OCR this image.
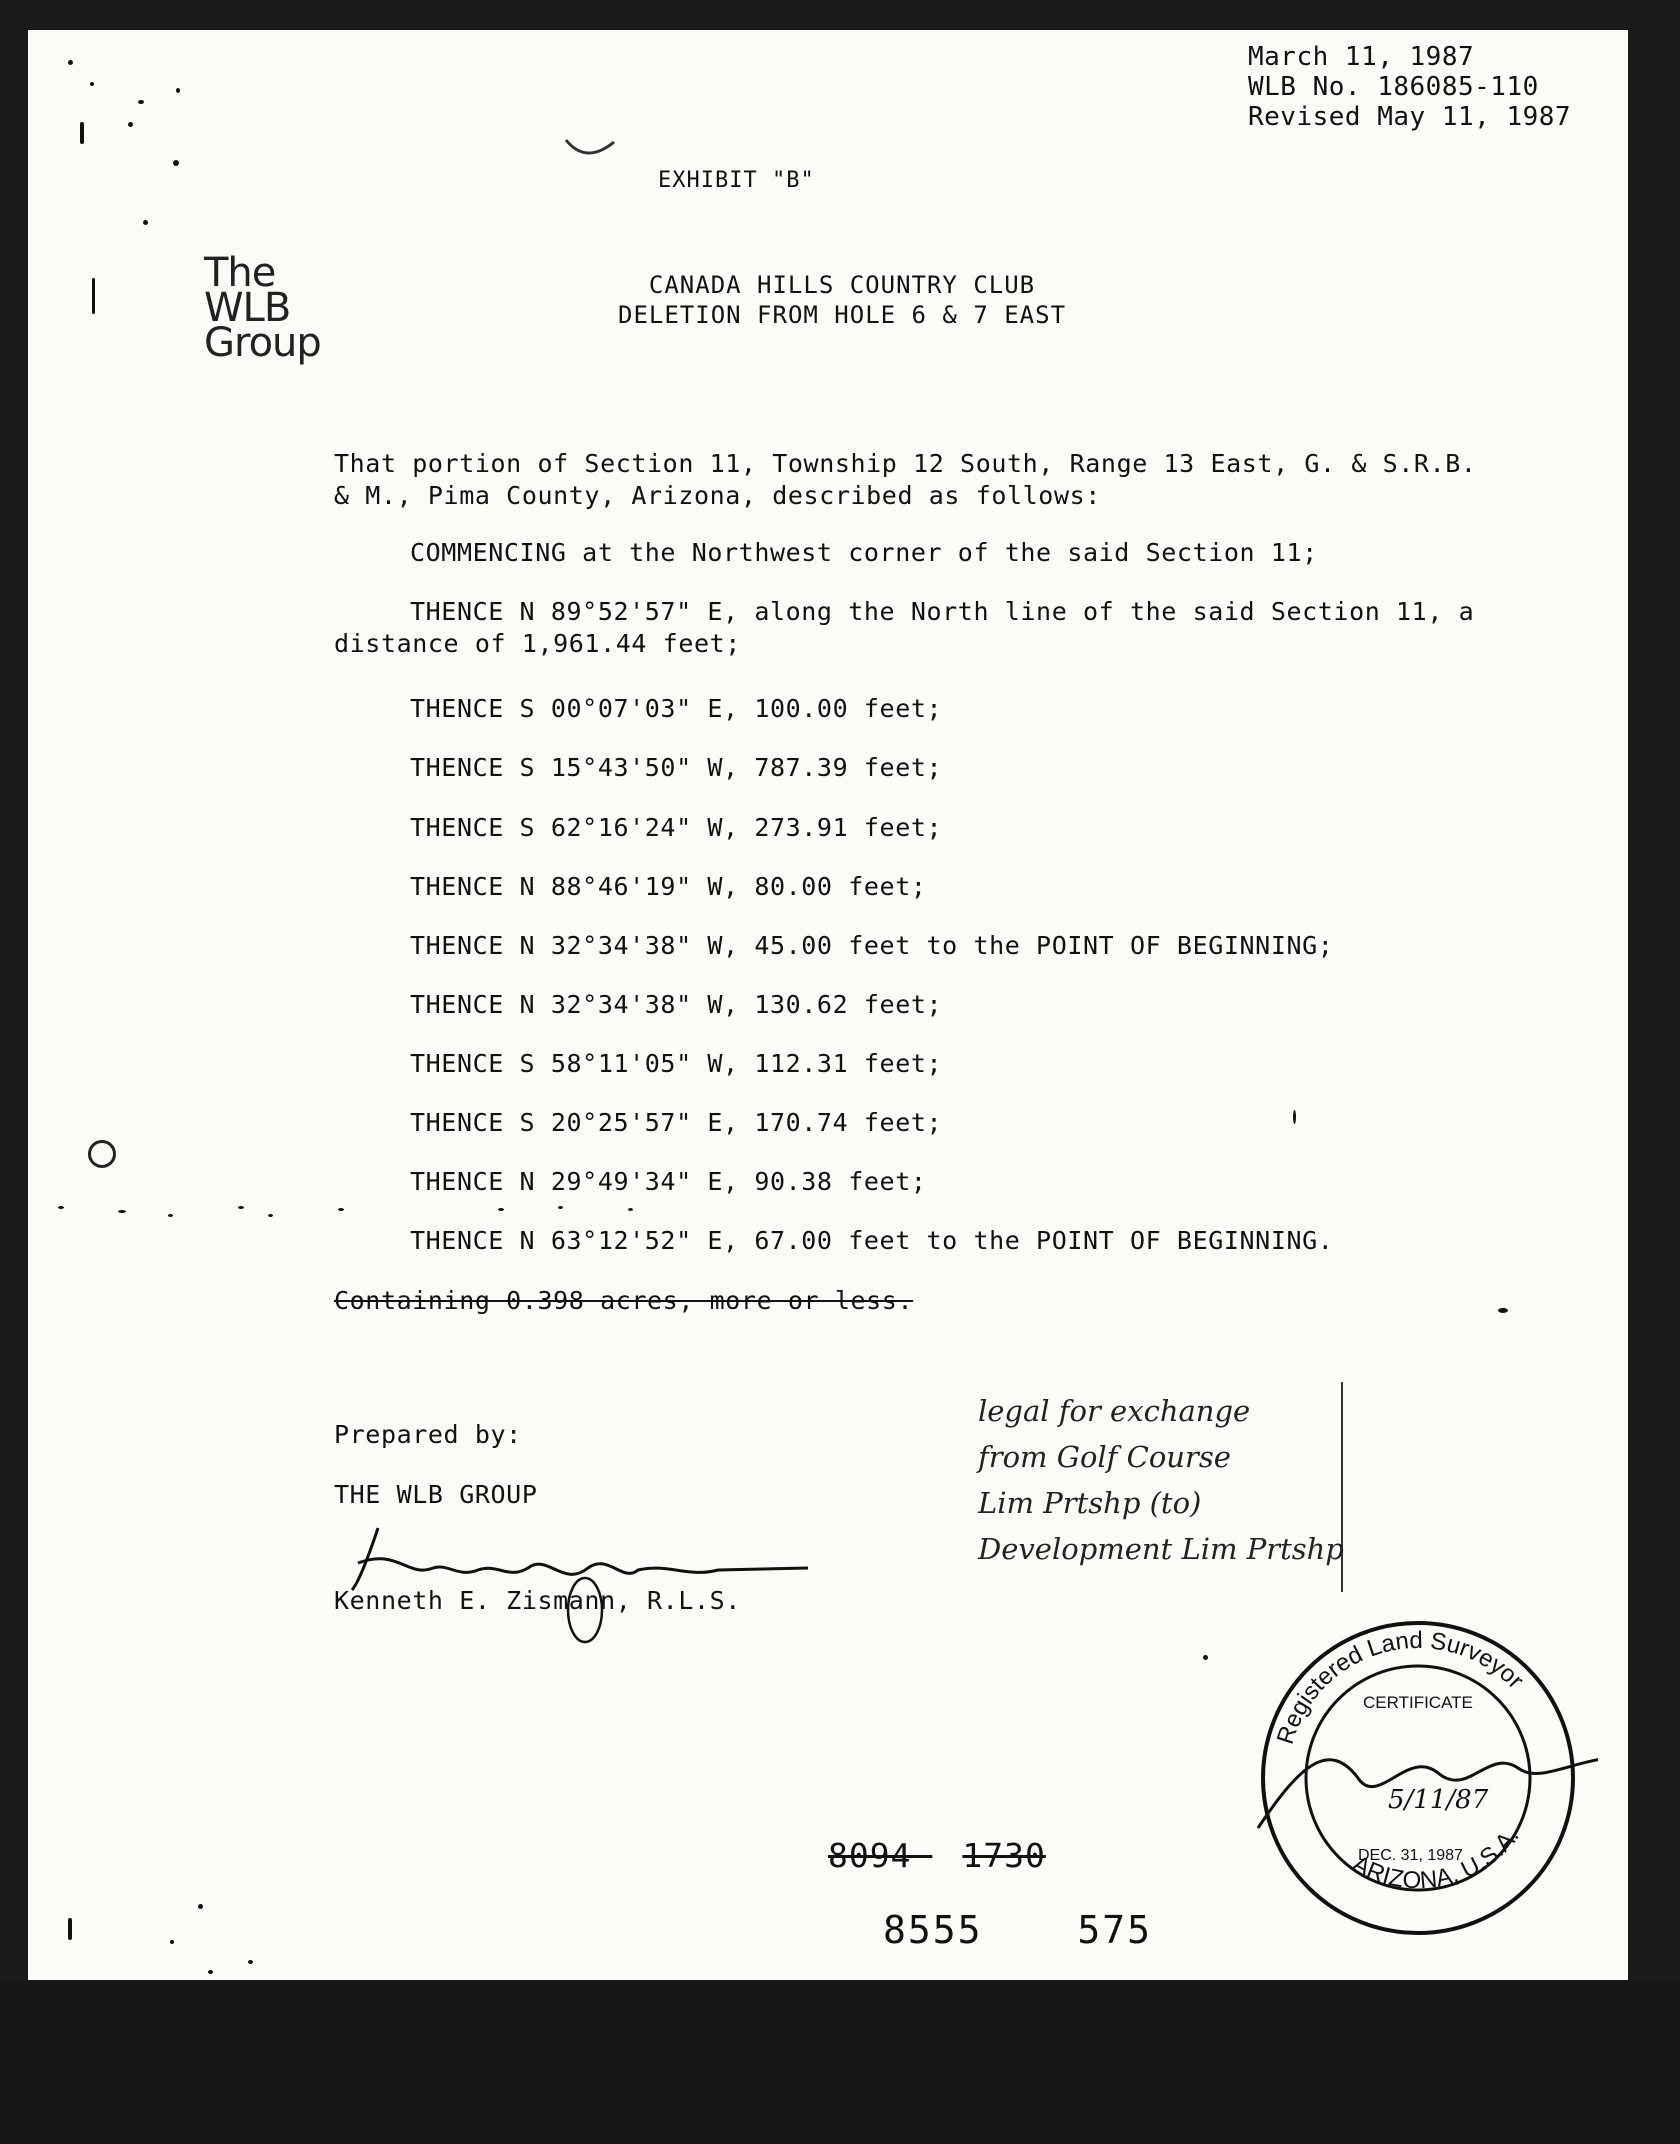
March 11, 1987
WLB No. 186085-110
Revised May 11, 1987
EXHIBIT "B"
The
WLB
Group
CANADA HILLS COUNTRY CLUB
DELETION FROM HOLE 6 & 7 EAST
That portion of Section 11, Township 12 South, Range 13 East, G. & S.R.B.
& M., Pima County, Arizona, described as follows:
COMMENCING at the Northwest corner of the said Section 11;
THENCE N 89°52'57" E, along the North line of the said Section 11, a
distance of 1,961.44 feet;
THENCE S 00°07'03" E, 100.00 feet;
THENCE S 15°43'50" W, 787.39 feet;
THENCE S 62°16'24" W, 273.91 feet;
THENCE N 88°46'19" W, 80.00 feet;
THENCE N 32°34'38" W, 45.00 feet to the POINT OF BEGINNING;
THENCE N 32°34'38" W, 130.62 feet;
THENCE S 58°11'05" W, 112.31 feet;
THENCE S 20°25'57" E, 170.74 feet;
THENCE N 29°49'34" E, 90.38 feet;
THENCE N 63°12'52" E, 67.00 feet to the POINT OF BEGINNING.
Containing 0.398 acres, more or less.
Prepared by:
THE WLB GROUP
Kenneth E. Zismann, R.L.S.
legal for exchange
from Golf Course
Lim Prtshp (to)
Development Lim Prtshp
Registered Land Surveyor
ARIZONA, U.S.A.
CERTIFICATE
5/11/87
DEC. 31, 1987
8094 1730
8555 575
